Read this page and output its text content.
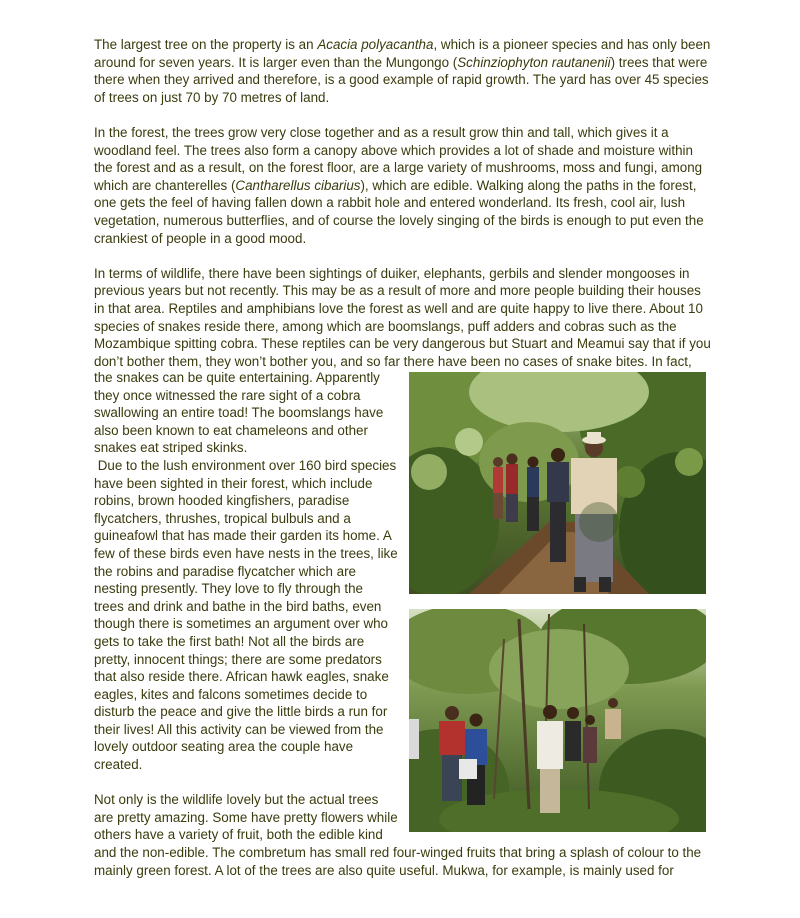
The largest tree on the property is an Acacia polyacantha, which is a pioneer species and has only been
around for seven years. It is larger even than the Mungongo (Schinziophyton rautanenii) trees that were
there when they arrived and therefore, is a good example of rapid growth. The yard has over 45 species
of trees on just 70 by 70 metres of land.
In the forest, the trees grow very close together and as a result grow thin and tall, which gives it a
woodland feel. The trees also form a canopy above which provides a lot of shade and moisture within
the forest and as a result, on the forest floor, are a large variety of mushrooms, moss and fungi, among
which are chanterelles (Cantharellus cibarius), which are edible. Walking along the paths in the forest,
one gets the feel of having fallen down a rabbit hole and entered wonderland. Its fresh, cool air, lush
vegetation, numerous butterflies, and of course the lovely singing of the birds is enough to put even the
crankiest of people in a good mood.
In terms of wildlife, there have been sightings of duiker, elephants, gerbils and slender mongooses in
previous years but not recently. This may be as a result of more and more people building their houses
in that area. Reptiles and amphibians love the forest as well and are quite happy to live there. About 10
species of snakes reside there, among which are boomslangs, puff adders and cobras such as the
Mozambique spitting cobra. These reptiles can be very dangerous but Stuart and Meamui say that if you
don’t bother them, they won’t bother you, and so far there have been no cases of snake bites. In fact,
the snakes can be quite entertaining. Apparently
they once witnessed the rare sight of a cobra
swallowing an entire toad! The boomslangs have
also been known to eat chameleons and other
snakes eat striped skinks.
Due to the lush environment over 160 bird species
have been sighted in their forest, which include
robins, brown hooded kingfishers, paradise
flycatchers, thrushes, tropical bulbuls and a
guineafowl that has made their garden its home. A
few of these birds even have nests in the trees, like
the robins and paradise flycatcher which are
nesting presently. They love to fly through the
trees and drink and bathe in the bird baths, even
though there is sometimes an argument over who
gets to take the first bath! Not all the birds are
pretty, innocent things; there are some predators
that also reside there. African hawk eagles, snake
eagles, kites and falcons sometimes decide to
disturb the peace and give the little birds a run for
their lives! All this activity can be viewed from the
lovely outdoor seating area the couple have
created.
Not only is the wildlife lovely but the actual trees
are pretty amazing. Some have pretty flowers while
others have a variety of fruit, both the edible kind
and the non-edible. The combretum has small red four-winged fruits that bring a splash of colour to the
mainly green forest. A lot of the trees are also quite useful. Mukwa, for example, is mainly used for
